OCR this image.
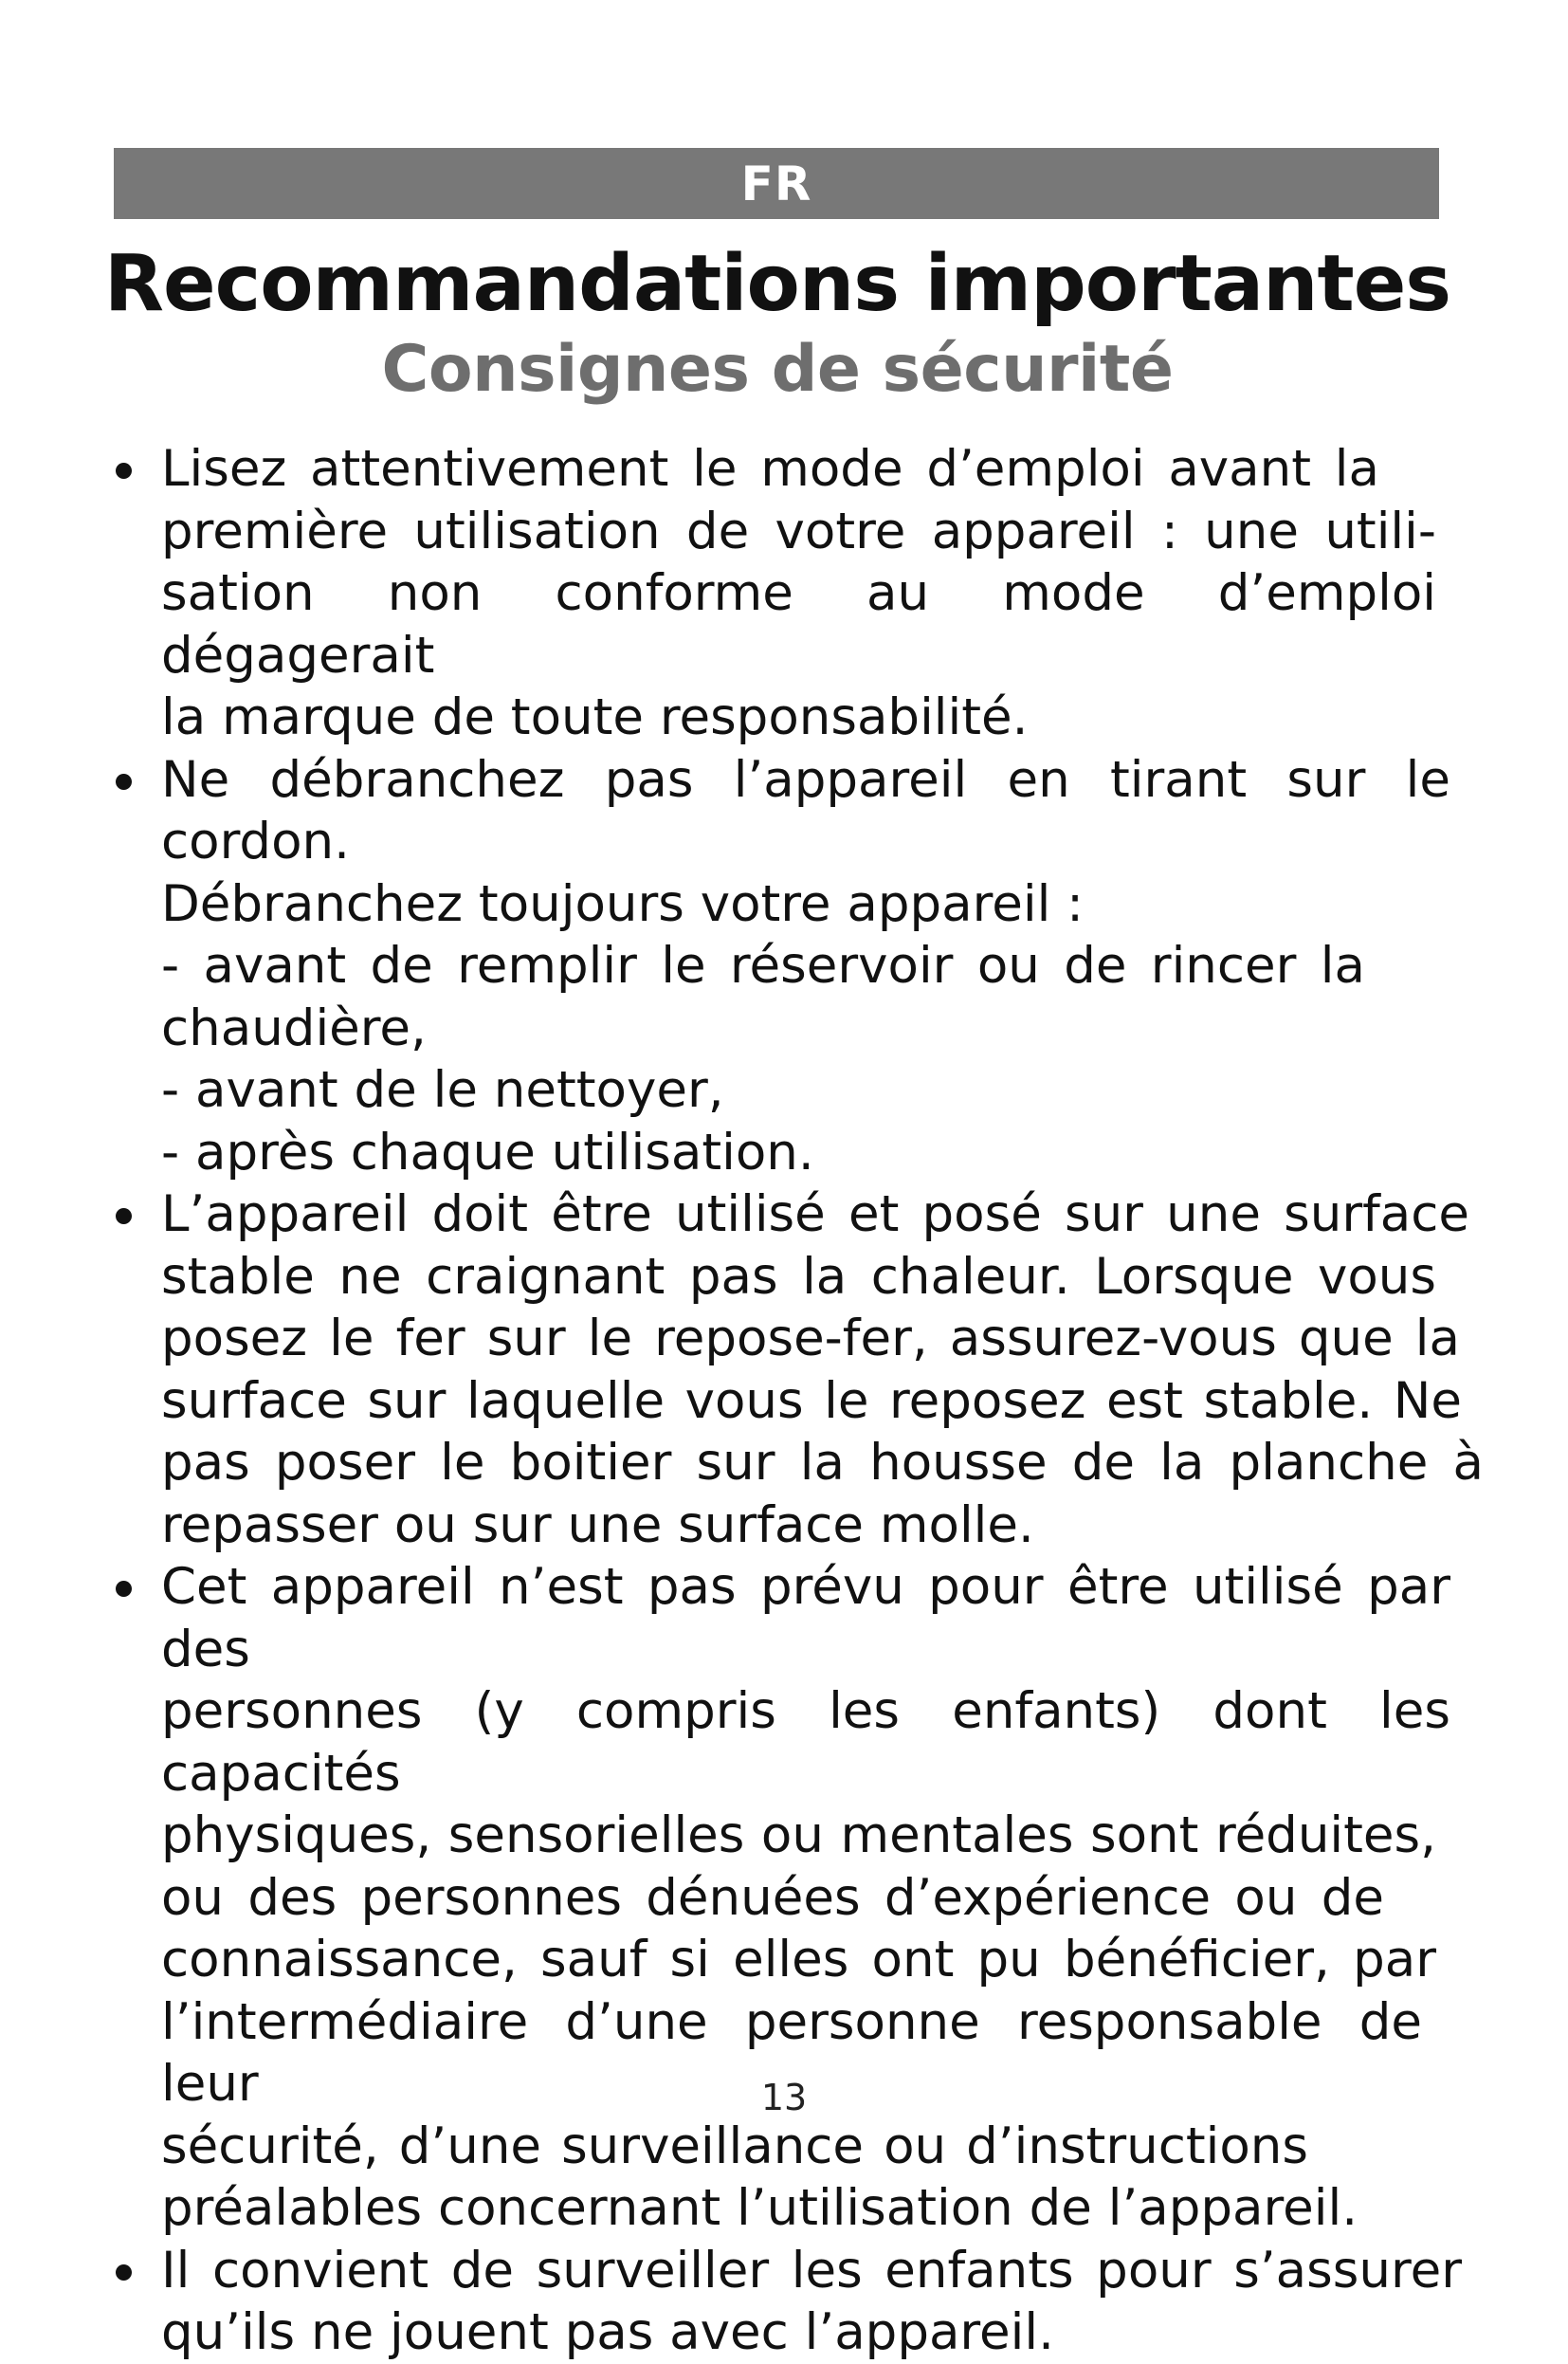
FR
Recommandations importantes
Consignes de sécurité
Lisez attentivement le mode d’emploi avant la
première utilisation de votre appareil : une utili-
sation non conforme au mode d’emploi dégagerait
la marque de toute responsabilité.
Ne débranchez pas l’appareil en tirant sur le cordon.
Débranchez toujours votre appareil :
- avant de remplir le réservoir ou de rincer la
chaudière,
- avant de le nettoyer,
- après chaque utilisation.
L’appareil doit être utilisé et posé sur une surface
stable ne craignant pas la chaleur. Lorsque vous
posez le fer sur le repose-fer, assurez-vous que la
surface sur laquelle vous le reposez est stable. Ne
pas poser le boitier sur la housse de la planche à
repasser ou sur une surface molle.
Cet appareil n’est pas prévu pour être utilisé par des
personnes (y compris les enfants) dont les capacités
physiques, sensorielles ou mentales sont réduites,
ou des personnes dénuées d’expérience ou de
connaissance, sauf si elles ont pu bénéficier, par
l’intermédiaire d’une personne responsable de leur
sécurité, d’une surveillance ou d’instructions
préalables concernant l’utilisation de l’appareil.
Il convient de surveiller les enfants pour s’assurer
qu’ils ne jouent pas avec l’appareil.
13
